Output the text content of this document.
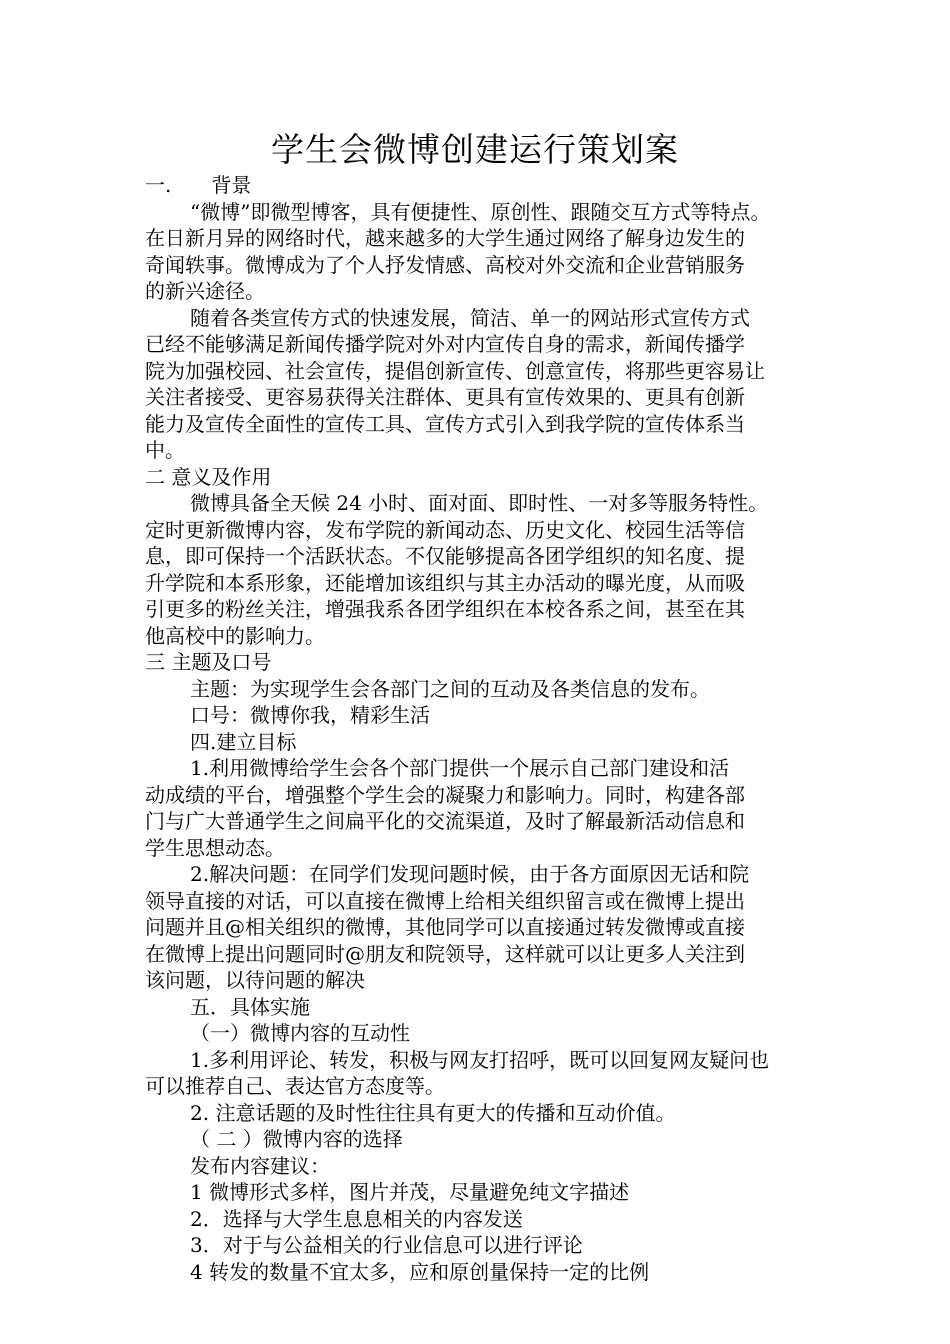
学生会微博创建运行策划案
一.　　背景
“微博”即微型博客，具有便捷性、原创性、跟随交互方式等特点。
在日新月异的网络时代，越来越多的大学生通过网络了解身边发生的
奇闻轶事。微博成为了个人抒发情感、高校对外交流和企业营销服务
的新兴途径。
随着各类宣传方式的快速发展，简洁、单一的网站形式宣传方式
已经不能够满足新闻传播学院对外对内宣传自身的需求，新闻传播学
院为加强校园、社会宣传，提倡创新宣传、创意宣传，将那些更容易让
关注者接受、更容易获得关注群体、更具有宣传效果的、更具有创新
能力及宣传全面性的宣传工具、宣传方式引入到我学院的宣传体系当
中。
二 意义及作用
微博具备全天候 24 小时、面对面、即时性、一对多等服务特性。
定时更新微博内容，发布学院的新闻动态、历史文化、校园生活等信
息，即可保持一个活跃状态。不仅能够提高各团学组织的知名度、提
升学院和本系形象，还能增加该组织与其主办活动的曝光度，从而吸
引更多的粉丝关注，增强我系各团学组织在本校各系之间，甚至在其
他高校中的影响力。
三 主题及口号
主题：为实现学生会各部门之间的互动及各类信息的发布。
口号：微博你我，精彩生活
四.建立目标
1.利用微博给学生会各个部门提供一个展示自己部门建设和活
动成绩的平台，增强整个学生会的凝聚力和影响力。同时，构建各部
门与广大普通学生之间扁平化的交流渠道，及时了解最新活动信息和
学生思想动态。
2.解决问题：在同学们发现问题时候，由于各方面原因无话和院
领导直接的对话，可以直接在微博上给相关组织留言或在微博上提出
问题并且@相关组织的微博，其他同学可以直接通过转发微博或直接
在微博上提出问题同时@朋友和院领导，这样就可以让更多人关注到
该问题，以待问题的解决
五．具体实施
（一）微博内容的互动性
1.多利用评论、转发，积极与网友打招呼，既可以回复网友疑问也
可以推荐自己、表达官方态度等。
2. 注意话题的及时性往往具有更大的传播和互动价值。
（ 二 ）微博内容的选择
发布内容建议：
1 微博形式多样，图片并茂，尽量避免纯文字描述
2．选择与大学生息息相关的内容发送
3．对于与公益相关的行业信息可以进行评论
4 转发的数量不宜太多，应和原创量保持一定的比例
